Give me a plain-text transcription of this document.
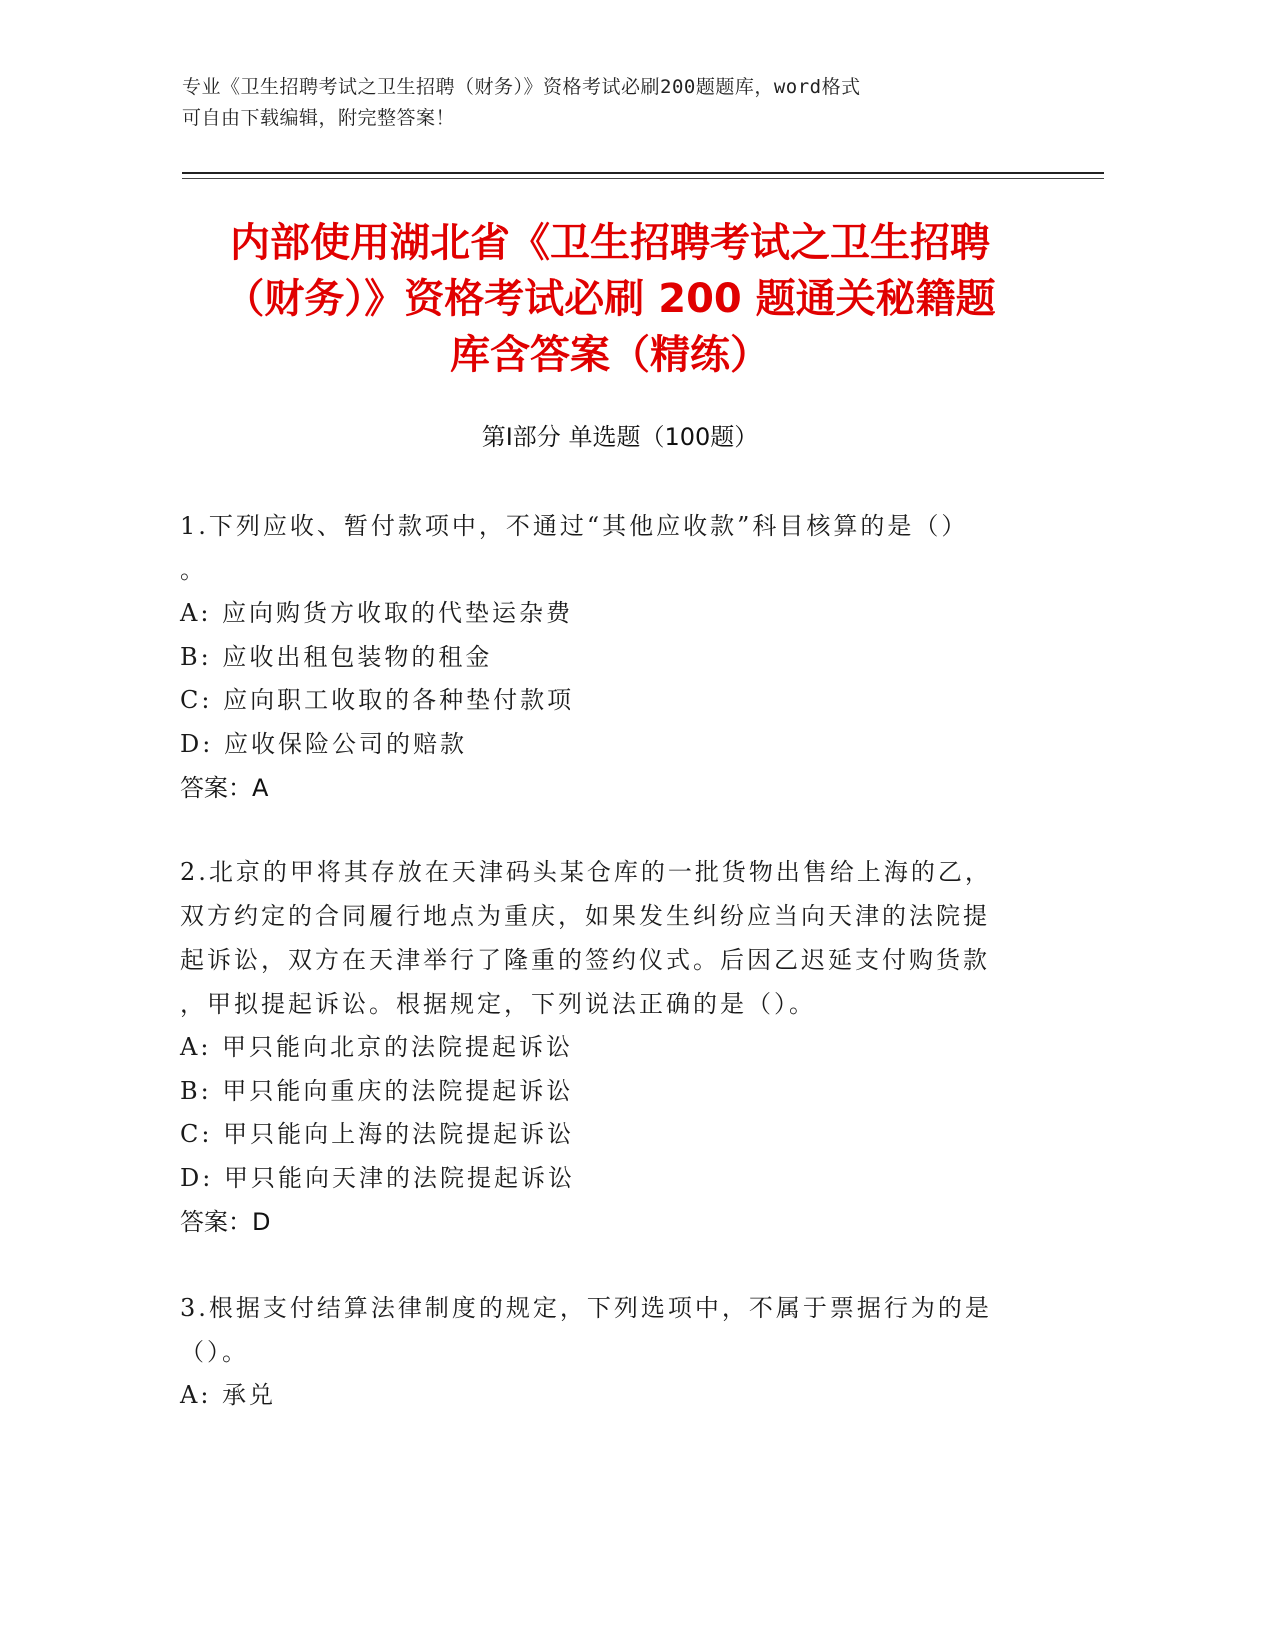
专业《卫生招聘考试之卫生招聘（财务）》资格考试必刷200题题库，word格式
可自由下载编辑，附完整答案！
内部使用湖北省《卫生招聘考试之卫生招聘
（财务）》资格考试必刷 200 题通关秘籍题
库含答案（精练）
第Ⅰ部分 单选题（100题）
1.下列应收、暂付款项中，不通过“其他应收款”科目核算的是（）
。
A: 应向购货方收取的代垫运杂费
B: 应收出租包装物的租金
C: 应向职工收取的各种垫付款项
D: 应收保险公司的赔款
答案：A
2.北京的甲将其存放在天津码头某仓库的一批货物出售给上海的乙，
双方约定的合同履行地点为重庆，如果发生纠纷应当向天津的法院提
起诉讼，双方在天津举行了隆重的签约仪式。后因乙迟延支付购货款
，甲拟提起诉讼。根据规定，下列说法正确的是（）。
A: 甲只能向北京的法院提起诉讼
B: 甲只能向重庆的法院提起诉讼
C: 甲只能向上海的法院提起诉讼
D: 甲只能向天津的法院提起诉讼
答案：D
3.根据支付结算法律制度的规定，下列选项中，不属于票据行为的是
（）。
A: 承兑
